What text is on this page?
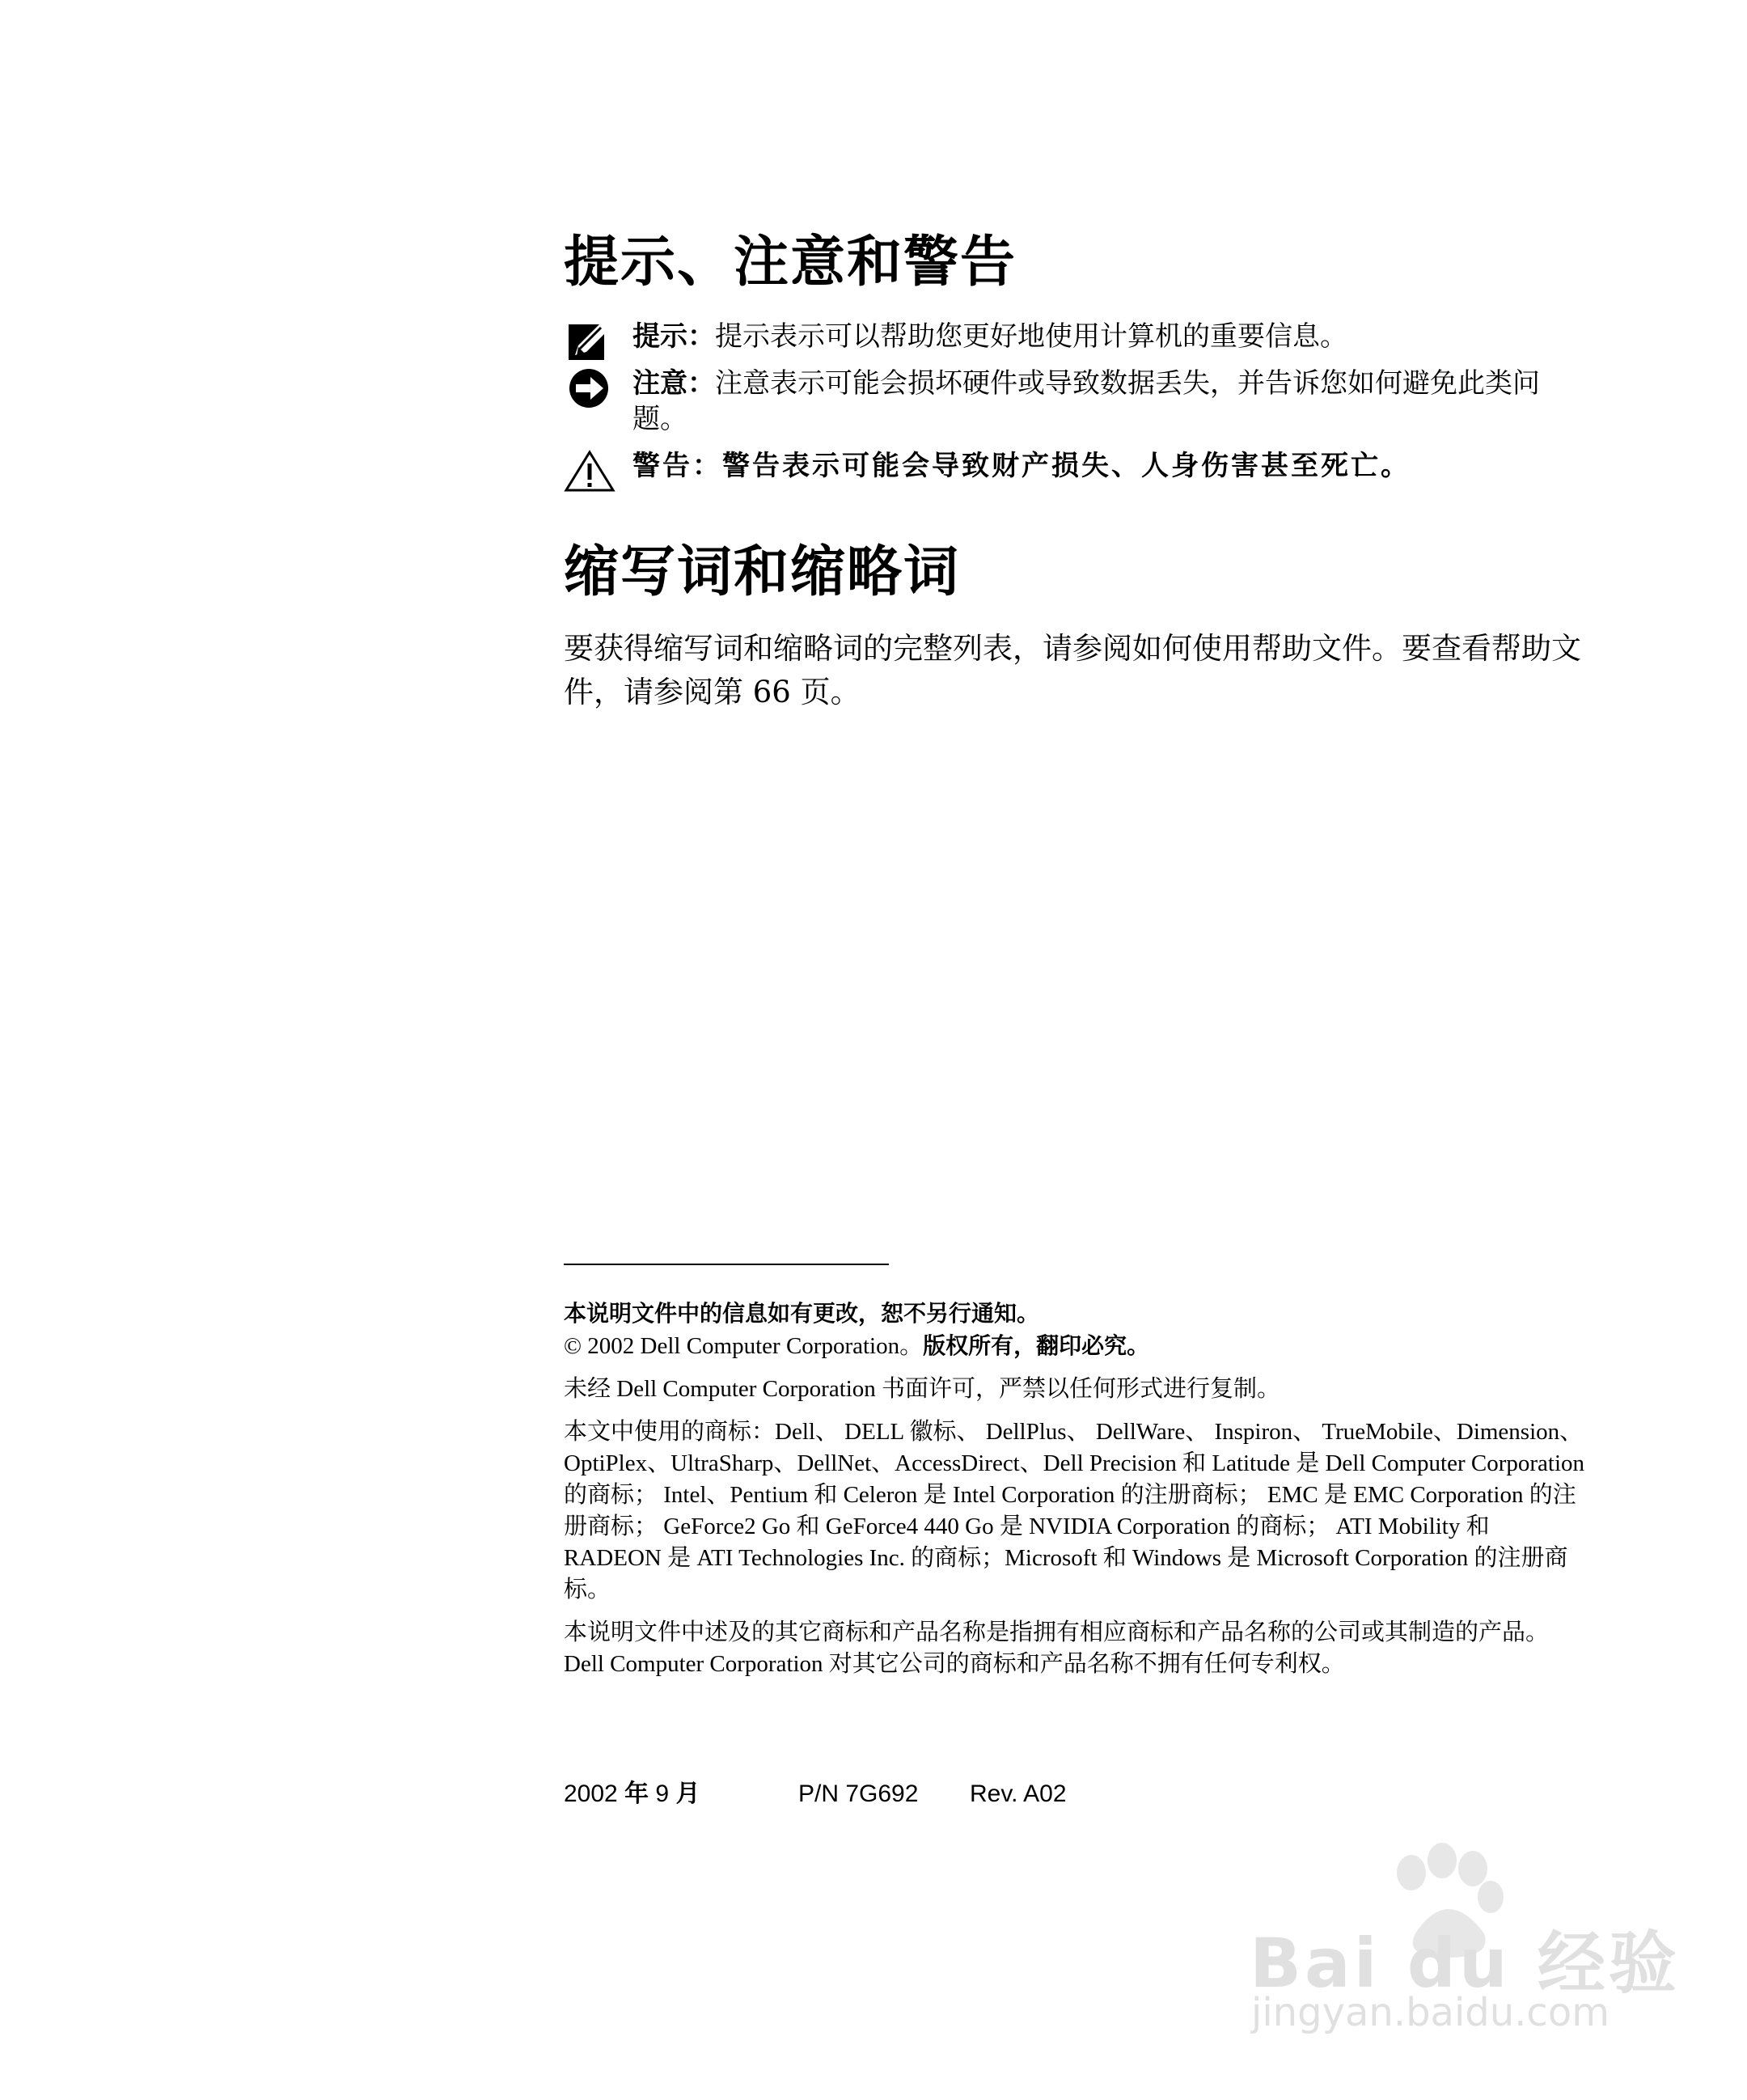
提示、注意和警告
提示：提示表示可以帮助您更好地使用计算机的重要信息。
注意：注意表示可能会损坏硬件或导致数据丢失，并告诉您如何避免此类问题。
警告：警告表示可能会导致财产损失、人身伤害甚至死亡。
缩写词和缩略词

要获得缩写词和缩略词的完整列表，请参阅如何使用帮助文件。要查看帮助文件，请参阅第 66 页。

本说明文件中的信息如有更改，恕不另行通知。
© 2002 Dell Computer Corporation。版权所有，翻印必究。

未经 Dell Computer Corporation 书面许可，严禁以任何形式进行复制。

本文中使用的商标：Dell、 DELL 徽标、 DellPlus、 DellWare、 Inspiron、 TrueMobile、Dimension、OptiPlex、UltraSharp、DellNet、AccessDirect、Dell Precision 和 Latitude 是 Dell Computer Corporation 的商标； Intel、Pentium 和 Celeron 是 Intel Corporation 的注册商标； EMC 是 EMC Corporation 的注册商标； GeForce2 Go 和 GeForce4 440 Go 是 NVIDIA Corporation 的商标； ATI Mobility 和 RADEON 是 ATI Technologies Inc. 的商标；Microsoft 和 Windows 是 Microsoft Corporation 的注册商标。

本说明文件中述及的其它商标和产品名称是指拥有相应商标和产品名称的公司或其制造的产品。 Dell Computer Corporation 对其它公司的商标和产品名称不拥有任何专利权。

2002 年 9 月	P/N 7G692	Rev. A02
Bai du 经验
jingyan.baidu.com
